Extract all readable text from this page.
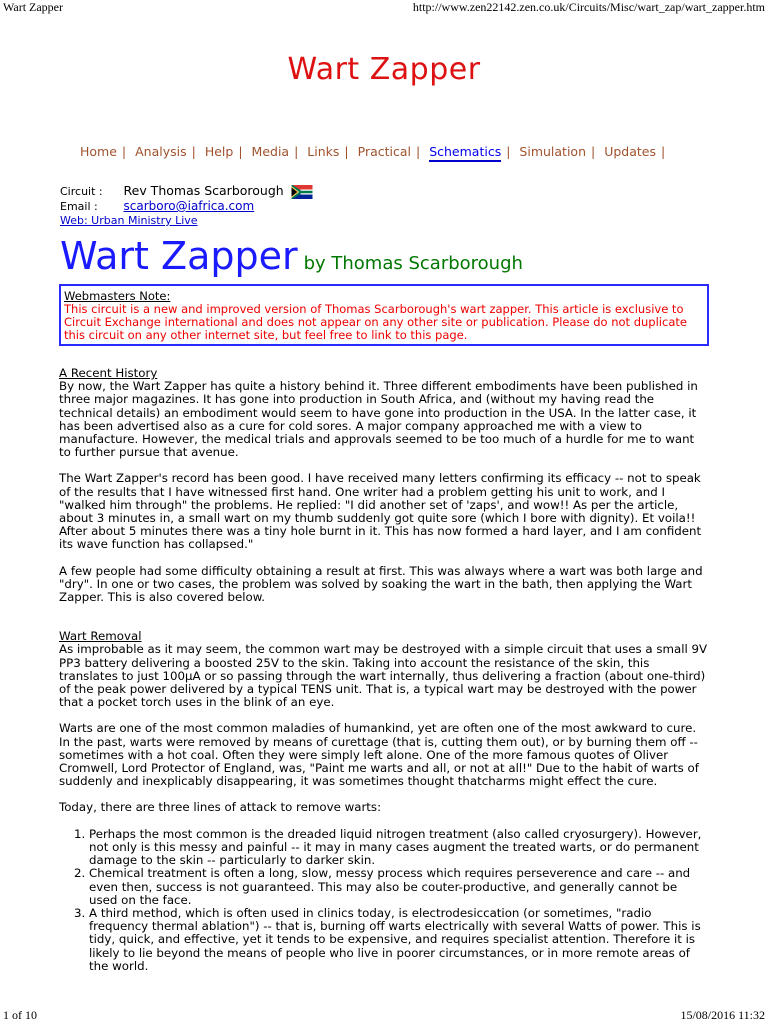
Wart Zapper	http://www.zen22142.zen.co.uk/Circuits/Misc/wart_zap/wart_zapper.htm
Wart Zapper
Home | Analysis | Help | Media | Links | Practical | Schematics | Simulation | Updates |
Circuit : Rev Thomas Scarborough
Email : scarboro@iafrica.com
Web: Urban Ministry Live
Wart Zapper by Thomas Scarborough
Webmasters Note:
This circuit is a new and improved version of Thomas Scarborough's wart zapper. This article is exclusive to Circuit Exchange international and does not appear on any other site or publication. Please do not duplicate this circuit on any other internet site, but feel free to link to this page.
A Recent History

By now, the Wart Zapper has quite a history behind it. Three different embodiments have been published in three major magazines. It has gone into production in South Africa, and (without my having read the technical details) an embodiment would seem to have gone into production in the USA. In the latter case, it has been advertised also as a cure for cold sores. A major company approached me with a view to manufacture. However, the medical trials and approvals seemed to be too much of a hurdle for me to want to further pursue that avenue.

The Wart Zapper's record has been good. I have received many letters confirming its efficacy -- not to speak of the results that I have witnessed first hand. One writer had a problem getting his unit to work, and I "walked him through" the problems. He replied: "I did another set of 'zaps', and wow!! As per the article, about 3 minutes in, a small wart on my thumb suddenly got quite sore (which I bore with dignity). Et voila!! After about 5 minutes there was a tiny hole burnt in it. This has now formed a hard layer, and I am confident its wave function has collapsed."

A few people had some difficulty obtaining a result at first. This was always where a wart was both large and "dry". In one or two cases, the problem was solved by soaking the wart in the bath, then applying the Wart Zapper. This is also covered below.

Wart Removal

As improbable as it may seem, the common wart may be destroyed with a simple circuit that uses a small 9V PP3 battery delivering a boosted 25V to the skin. Taking into account the resistance of the skin, this translates to just 100µA or so passing through the wart internally, thus delivering a fraction (about one-third) of the peak power delivered by a typical TENS unit. That is, a typical wart may be destroyed with the power that a pocket torch uses in the blink of an eye.

Warts are one of the most common maladies of humankind, yet are often one of the most awkward to cure. In the past, warts were removed by means of curettage (that is, cutting them out), or by burning them off -- sometimes with a hot coal. Often they were simply left alone. One of the more famous quotes of Oliver Cromwell, Lord Protector of England, was, "Paint me warts and all, or not at all!" Due to the habit of warts of suddenly and inexplicably disappearing, it was sometimes thought thatcharms might effect the cure.

Today, there are three lines of attack to remove warts:

1. Perhaps the most common is the dreaded liquid nitrogen treatment (also called cryosurgery). However, not only is this messy and painful -- it may in many cases augment the treated warts, or do permanent damage to the skin -- particularly to darker skin.
2. Chemical treatment is often a long, slow, messy process which requires perseverence and care -- and even then, success is not guaranteed. This may also be couter-productive, and generally cannot be used on the face.
3. A third method, which is often used in clinics today, is electrodesiccation (or sometimes, "radio frequency thermal ablation") -- that is, burning off warts electrically with several Watts of power. This is tidy, quick, and effective, yet it tends to be expensive, and requires specialist attention. Therefore it is likely to lie beyond the means of people who live in poorer circumstances, or in more remote areas of the world.
1 of 10	15/08/2016 11:32
